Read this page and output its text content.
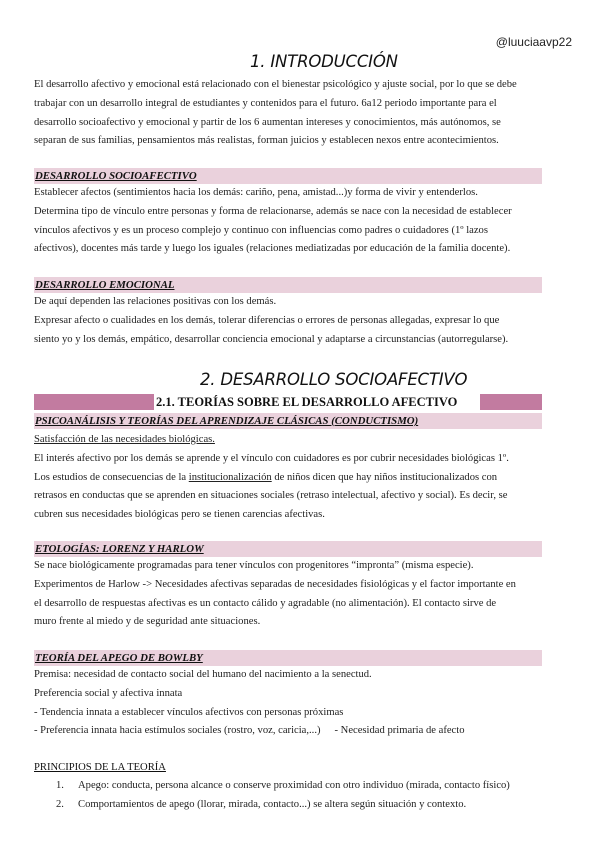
@luuciaavp22
1. INTRODUCCIÓN
El desarrollo afectivo y emocional está relacionado con el bienestar psicológico y ajuste social, por lo que se debe
trabajar con un desarrollo integral de estudiantes y contenidos para el futuro. 6a12 periodo importante para el
desarrollo socioafectivo y emocional y partir de los 6 aumentan intereses y conocimientos, más autónomos, se
separan de sus familias, pensamientos más realistas, forman juicios y establecen nexos entre acontecimientos.
DESARROLLO SOCIOAFECTIVO
Establecer afectos (sentimientos hacia los demás: cariño, pena, amistad...)y forma de vivir y entenderlos.
Determina tipo de vínculo entre personas y forma de relacionarse, además se nace con la necesidad de establecer
vínculos afectivos y es un proceso complejo y continuo con influencias como padres o cuidadores (1º lazos
afectivos), docentes más tarde y luego los iguales (relaciones mediatizadas por educación de la familia docente).
DESARROLLO EMOCIONAL
De aquí dependen las relaciones positivas con los demás.
Expresar afecto o cualidades en los demás, tolerar diferencias o errores de personas allegadas, expresar lo que
siento yo y los demás, empático, desarrollar conciencia emocional y adaptarse a circunstancias (autorregularse).
2. DESARROLLO SOCIOAFECTIVO
2.1. TEORÍAS SOBRE EL DESARROLLO AFECTIVO
PSICOANÁLISIS Y TEORÍAS DEL APRENDIZAJE CLÁSICAS (CONDUCTISMO)
Satisfacción de las necesidades biológicas.
El interés afectivo por los demás se aprende y el vínculo con cuidadores es por cubrir necesidades biológicas 1º.
Los estudios de consecuencias de la institucionalización de niños dicen que hay niños institucionalizados con
retrasos en conductas que se aprenden en situaciones sociales (retraso intelectual, afectivo y social). Es decir, se
cubren sus necesidades biológicas pero se tienen carencias afectivas.
ETOLOGÍAS: LORENZ Y HARLOW
Se nace biológicamente programadas para tener vínculos con progenitores “impronta” (misma especie).
Experimentos de Harlow -> Necesidades afectivas separadas de necesidades fisiológicas y el factor importante en
el desarrollo de respuestas afectivas es un contacto cálido y agradable (no alimentación). El contacto sirve de
muro frente al miedo y de seguridad ante situaciones.
TEORÍA DEL APEGO DE BOWLBY
Premisa: necesidad de contacto social del humano del nacimiento a la senectud.
Preferencia social y afectiva innata
- Tendencia innata a establecer vínculos afectivos con personas próximas
- Preferencia innata hacia estímulos sociales (rostro, voz, caricia,...) - Necesidad primaria de afecto
PRINCIPIOS DE LA TEORÍA
1. Apego: conducta, persona alcance o conserve proximidad con otro individuo (mirada, contacto físico)
2. Comportamientos de apego (llorar, mirada, contacto...) se altera según situación y contexto.
